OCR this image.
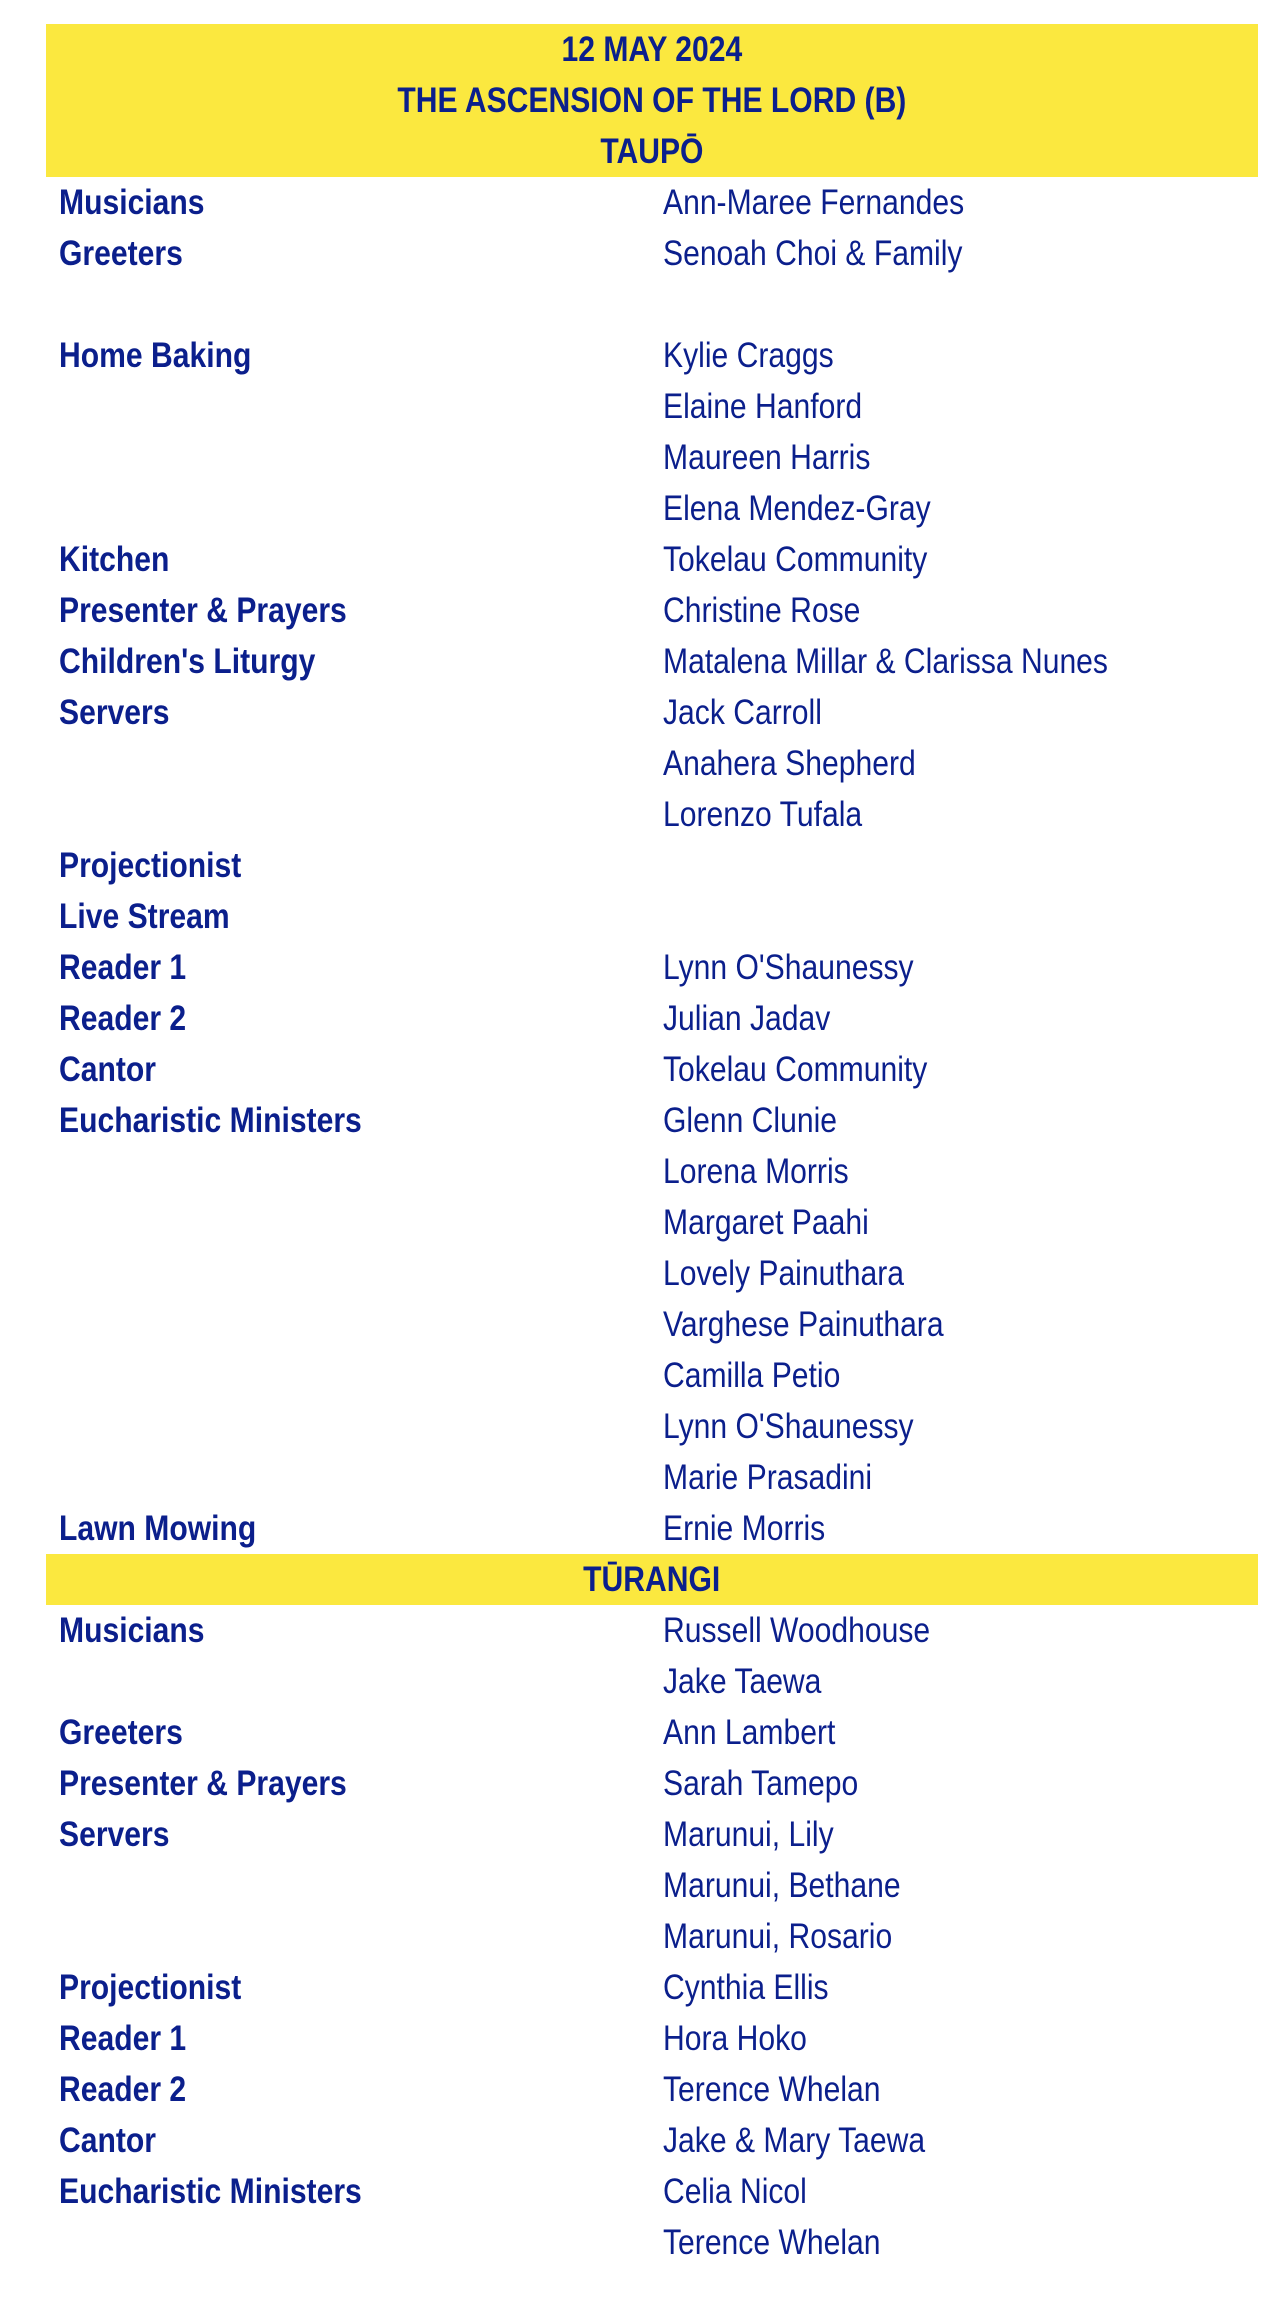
12 MAY 2024
THE ASCENSION OF THE LORD (B)
TAUPŌ
Musicians	Ann-Maree Fernandes
Greeters	Senoah Choi & Family
Home Baking	Kylie Craggs
Elaine Hanford
Maureen Harris
Elena Mendez-Gray
Kitchen	Tokelau Community
Presenter & Prayers	Christine Rose
Children's Liturgy	Matalena Millar & Clarissa Nunes
Servers	Jack Carroll
Anahera Shepherd
Lorenzo Tufala
Projectionist
Live Stream
Reader 1	Lynn O'Shaunessy
Reader 2	Julian Jadav
Cantor	Tokelau Community
Eucharistic Ministers	Glenn Clunie
Lorena Morris
Margaret Paahi
Lovely Painuthara
Varghese Painuthara
Camilla Petio
Lynn O'Shaunessy
Marie Prasadini
Lawn Mowing	Ernie Morris
TŪRANGI
Musicians	Russell Woodhouse
Jake Taewa
Greeters	Ann Lambert
Presenter & Prayers	Sarah Tamepo
Servers	Marunui, Lily
Marunui, Bethane
Marunui, Rosario
Projectionist	Cynthia Ellis
Reader 1	Hora Hoko
Reader 2	Terence Whelan
Cantor	Jake & Mary Taewa
Eucharistic Ministers	Celia Nicol
Terence Whelan
